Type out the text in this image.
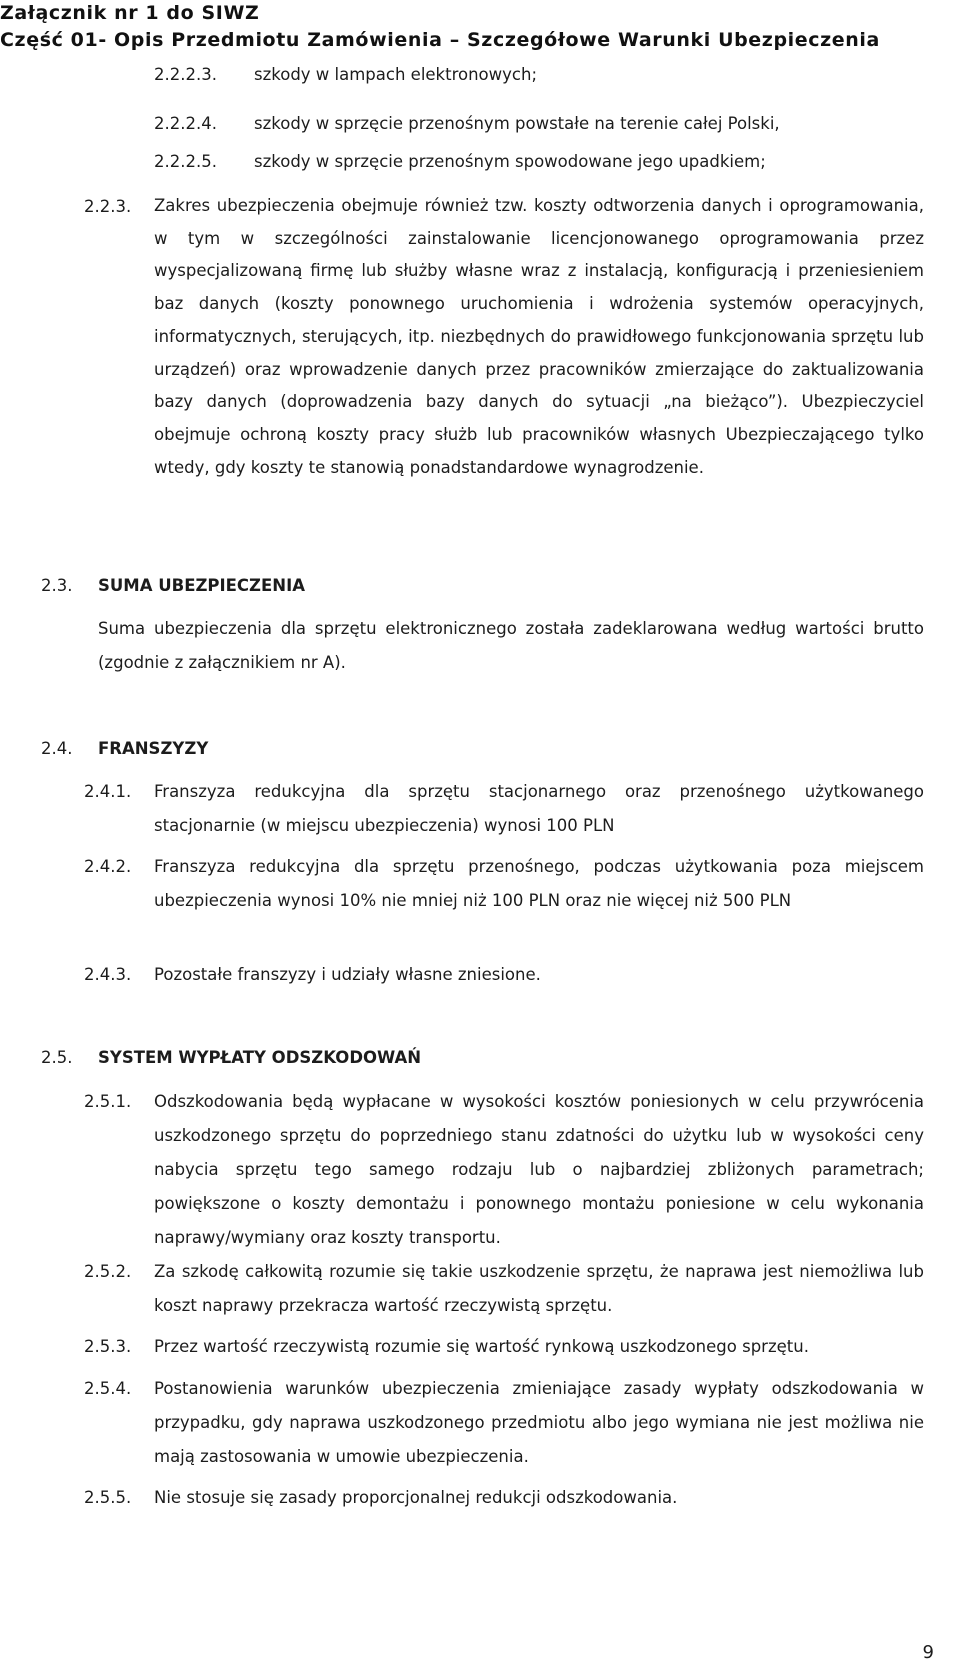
Załącznik nr 1 do SIWZ
Część 01- Opis Przedmiotu Zamówienia – Szczegółowe Warunki Ubezpieczenia
2.2.2.3. szkody w lampach elektronowych;
2.2.2.4. szkody w sprzęcie przenośnym powstałe na terenie całej Polski,
2.2.2.5. szkody w sprzęcie przenośnym spowodowane jego upadkiem;
2.2.3. Zakres ubezpieczenia obejmuje również tzw. koszty odtworzenia danych i oprogramowania, w tym w szczególności zainstalowanie licencjonowanego oprogramowania przez wyspecjalizowaną firmę lub służby własne wraz z instalacją, konfiguracją i przeniesieniem baz danych (koszty ponownego uruchomienia i wdrożenia systemów operacyjnych, informatycznych, sterujących, itp. niezbędnych do prawidłowego funkcjonowania sprzętu lub urządzeń) oraz wprowadzenie danych przez pracowników zmierzające do zaktualizowania bazy danych (doprowadzenia bazy danych do sytuacji „na bieżąco”). Ubezpieczyciel obejmuje ochroną koszty pracy służb lub pracowników własnych Ubezpieczającego tylko wtedy, gdy koszty te stanowią ponadstandardowe wynagrodzenie.
2.3. SUMA UBEZPIECZENIA
Suma ubezpieczenia dla sprzętu elektronicznego została zadeklarowana według wartości brutto (zgodnie z załącznikiem nr A).
2.4. FRANSZYZY
2.4.1. Franszyza redukcyjna dla sprzętu stacjonarnego oraz przenośnego użytkowanego stacjonarnie (w miejscu ubezpieczenia) wynosi 100 PLN
2.4.2. Franszyza redukcyjna dla sprzętu przenośnego, podczas użytkowania poza miejscem ubezpieczenia wynosi 10% nie mniej niż 100 PLN oraz nie więcej niż 500 PLN
2.4.3. Pozostałe franszyzy i udziały własne zniesione.
2.5. SYSTEM WYPŁATY ODSZKODOWAŃ
2.5.1. Odszkodowania będą wypłacane w wysokości kosztów poniesionych w celu przywrócenia uszkodzonego sprzętu do poprzedniego stanu zdatności do użytku lub w wysokości ceny nabycia sprzętu tego samego rodzaju lub o najbardziej zbliżonych parametrach; powiększone o koszty demontażu i ponownego montażu poniesione w celu wykonania naprawy/wymiany oraz koszty transportu.
2.5.2. Za szkodę całkowitą rozumie się takie uszkodzenie sprzętu, że naprawa jest niemożliwa lub koszt naprawy przekracza wartość rzeczywistą sprzętu.
2.5.3. Przez wartość rzeczywistą rozumie się wartość rynkową uszkodzonego sprzętu.
2.5.4. Postanowienia warunków ubezpieczenia zmieniające zasady wypłaty odszkodowania w przypadku, gdy naprawa uszkodzonego przedmiotu albo jego wymiana nie jest możliwa nie mają zastosowania w umowie ubezpieczenia.
2.5.5. Nie stosuje się zasady proporcjonalnej redukcji odszkodowania.
9
